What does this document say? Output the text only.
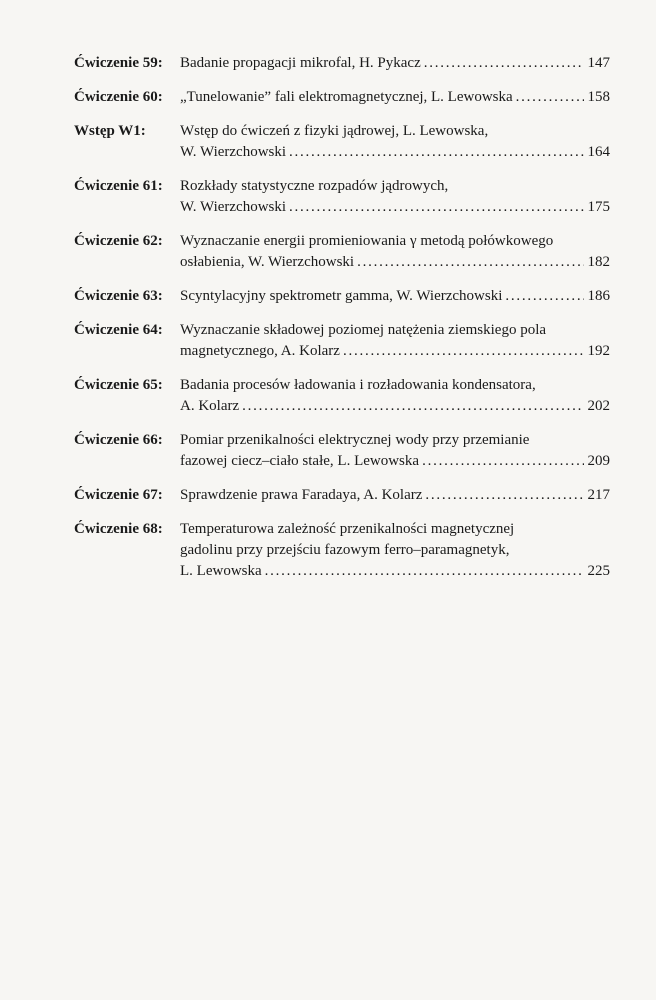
Ćwiczenie 59:	Badanie propagacji mikrofal, H. Pykacz . . .	147
Ćwiczenie 60:	„Tunelowanie” fali elektromagnetycznej, L. Lewowska . . .	158
Wstęp W1:	Wstęp do ćwiczeń z fizyki jądrowej, L. Lewowska,
W. Wierzchowski . . .	164
Ćwiczenie 61:	Rozkłady statystyczne rozpadów jądrowych,
W. Wierzchowski . . .	175
Ćwiczenie 62:	Wyznaczanie energii promieniowania γ metodą połówkowego
osłabienia, W. Wierzchowski . . .	182
Ćwiczenie 63:	Scyntylacyjny spektrometr gamma, W. Wierzchowski . . .	186
Ćwiczenie 64:	Wyznaczanie składowej poziomej natężenia ziemskiego pola
magnetycznego, A. Kolarz . . .	192
Ćwiczenie 65:	Badania procesów ładowania i rozładowania kondensatora,
A. Kolarz . . .	202
Ćwiczenie 66:	Pomiar przenikalności elektrycznej wody przy przemianie
fazowej ciecz–ciało stałe, L. Lewowska . . .	209
Ćwiczenie 67:	Sprawdzenie prawa Faradaya, A. Kolarz . . .	217
Ćwiczenie 68:	Temperaturowa zależność przenikalności magnetycznej
gadolinu przy przejściu fazowym ferro–paramagnetyk,
L. Lewowska . . .	225
